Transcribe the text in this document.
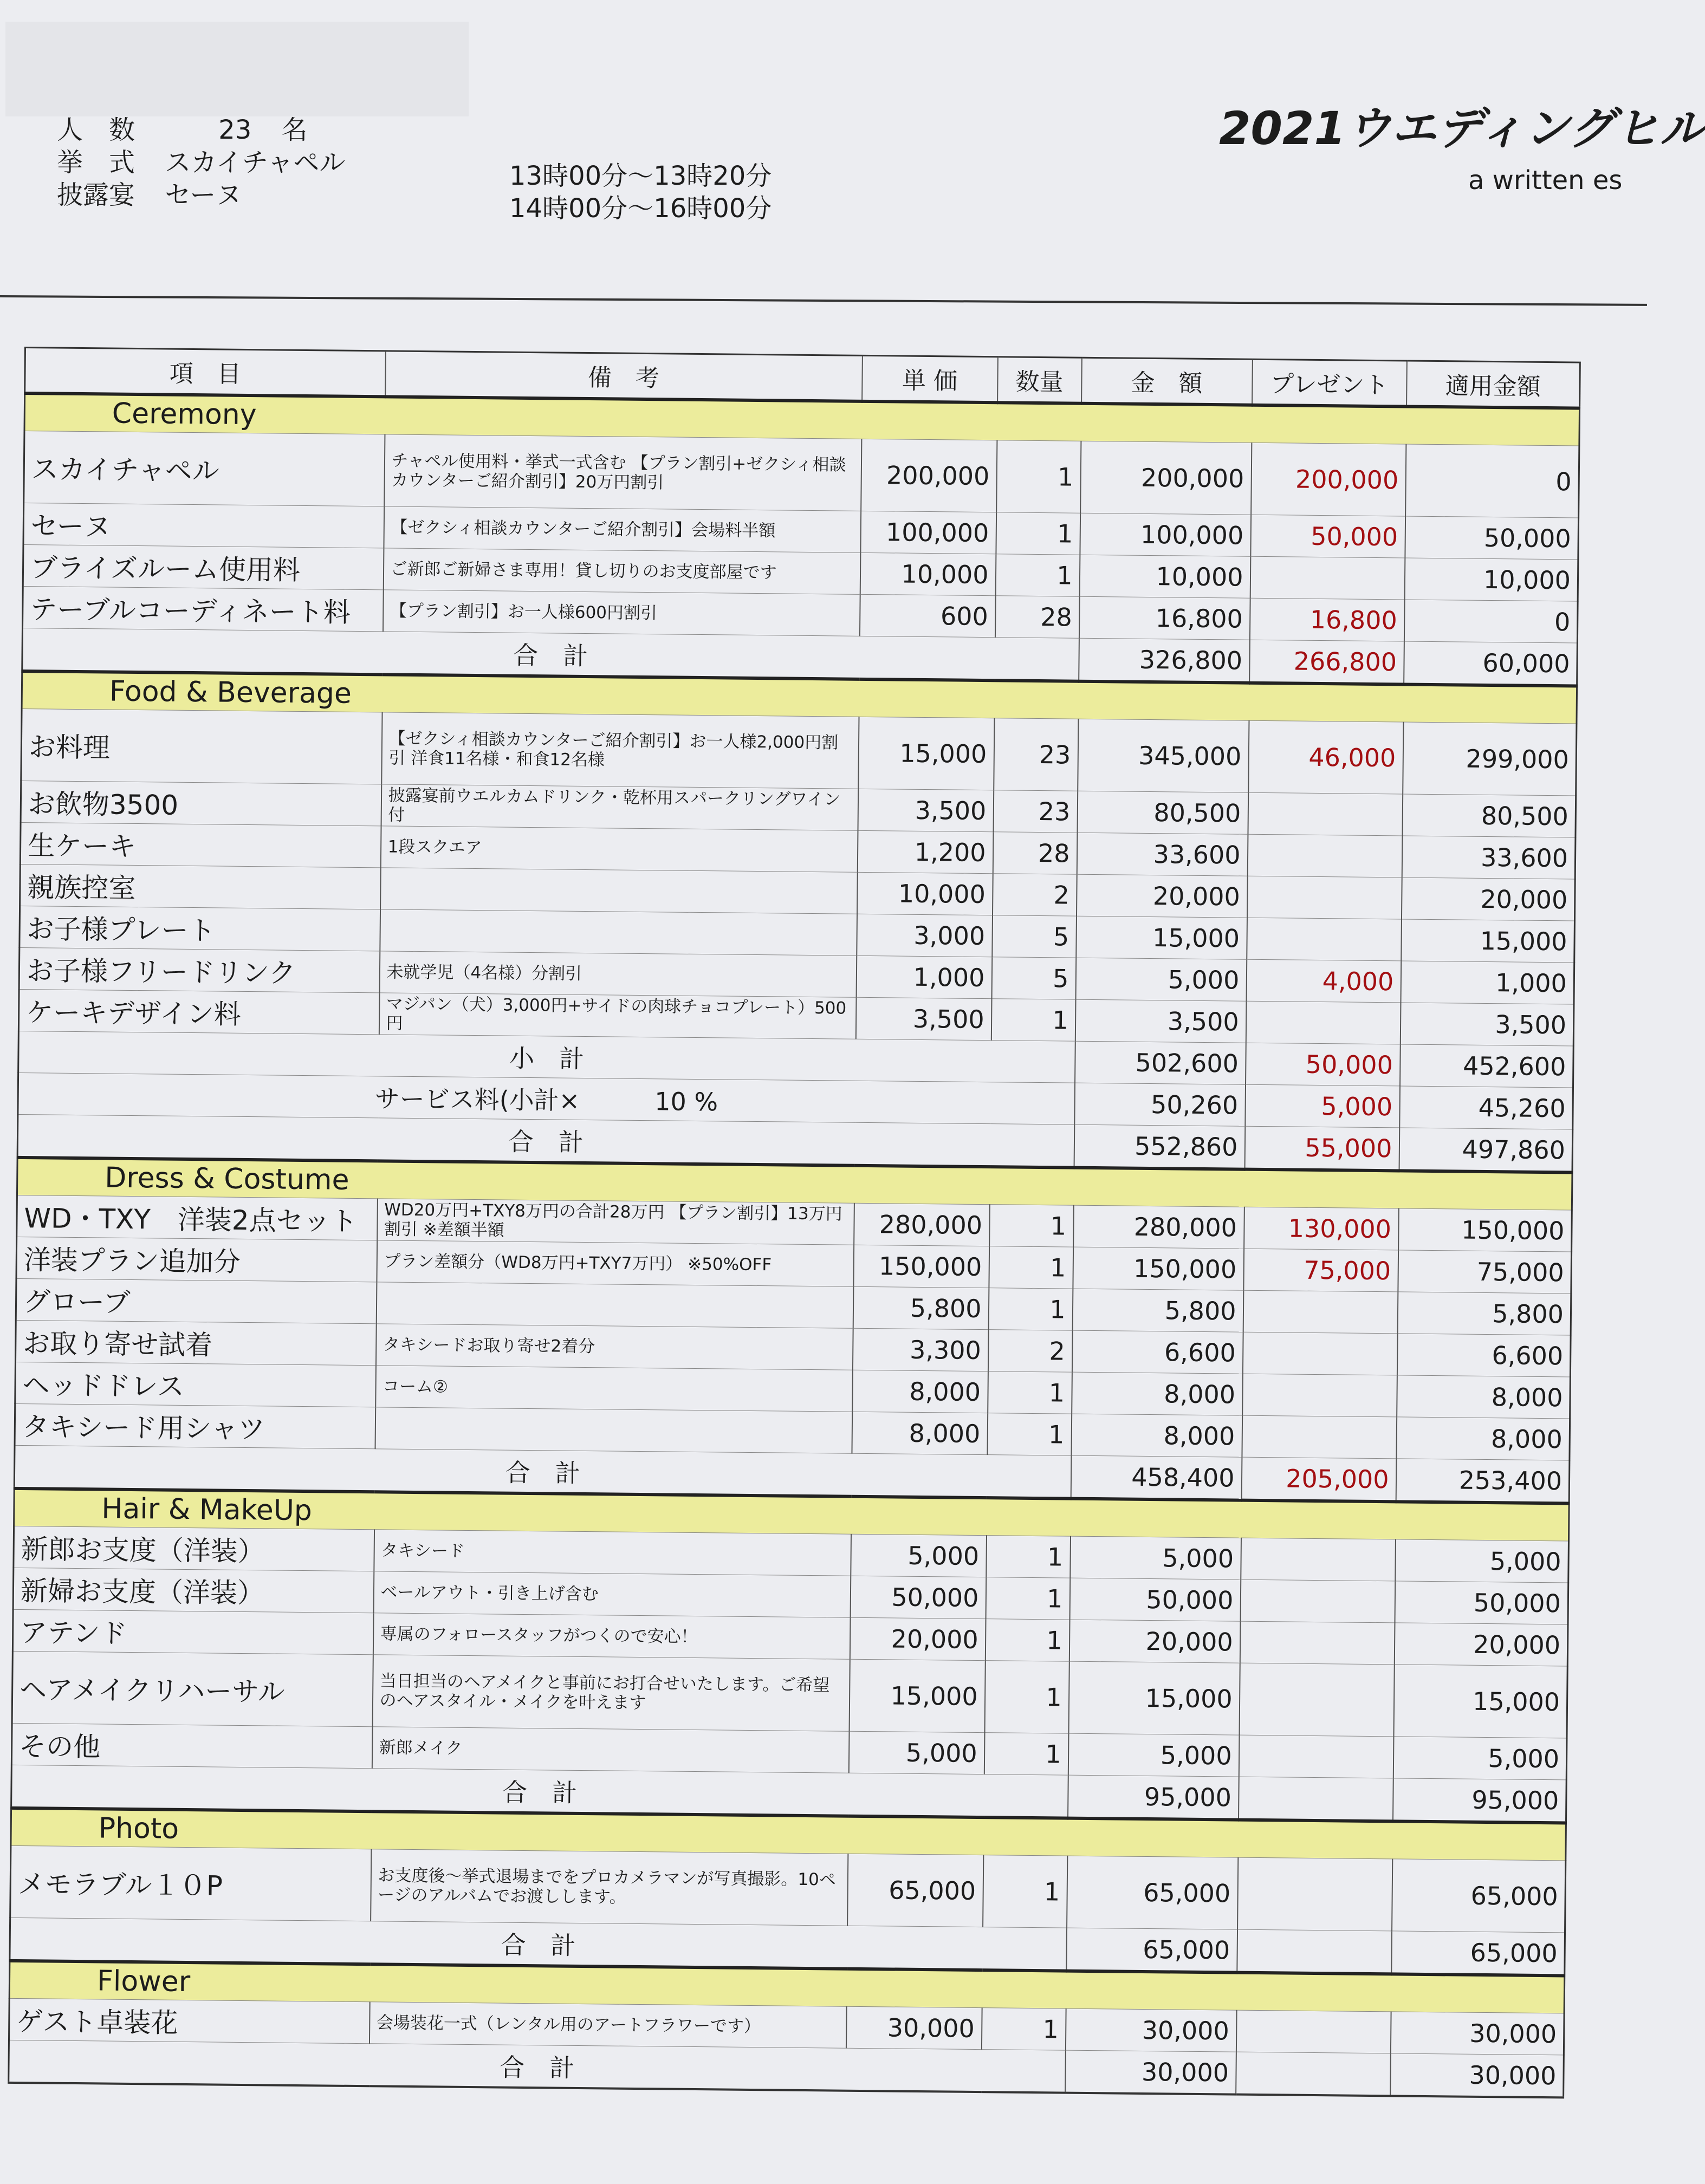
人　数	23 名
挙　式 スカイチャペル
披露宴 セーヌ
13時00分～13時20分
14時00分～16時00分
2021ウエディングヒル
a written es
項　目	備　考	単 価	数量	金　額	プレゼント	適用金額
Ceremony						
スカイチャペル	チャペル使用料・挙式一式含む 【プラン割引+ゼクシィ相談カウンターご紹介割引】20万円割引	200,000	1	200,000	200,000	0
セーヌ	【ゼクシィ相談カウンターご紹介割引】会場料半額	100,000	1	100,000	50,000	50,000
ブライズルーム使用料	ご新郎ご新婦さま専用！貸し切りのお支度部屋です	10,000	1	10,000		10,000
テーブルコーディネート料	【プラン割引】お一人様600円割引	600	28	16,800	16,800	0
合　計				326,800	266,800	60,000
Food & Beverage						
お料理	【ゼクシィ相談カウンターご紹介割引】お一人様2,000円割引 洋食11名様・和食12名様	15,000	23	345,000	46,000	299,000
お飲物3500	披露宴前ウエルカムドリンク・乾杯用スパークリングワイン付	3,500	23	80,500		80,500
生ケーキ	1段スクエア	1,200	28	33,600		33,600
親族控室		10,000	2	20,000		20,000
お子様プレート		3,000	5	15,000		15,000
お子様フリードリンク	未就学児（4名様）分割引	1,000	5	5,000	4,000	1,000
ケーキデザイン料	マジパン（犬）3,000円+サイドの肉球チョコプレート）500円	3,500	1	3,500		3,500
小　計				502,600	50,000	452,600
サービス料(小計×　　　10 %				50,260	5,000	45,260
合　計				552,860	55,000	497,860
Dress & Costume						
WD・TXY　洋装2点セット	WD20万円+TXY8万円の合計28万円 【プラン割引】13万円割引 ※差額半額	280,000	1	280,000	130,000	150,000
洋装プラン追加分	プラン差額分（WD8万円+TXY7万円） ※50%OFF	150,000	1	150,000	75,000	75,000
グローブ		5,800	1	5,800		5,800
お取り寄せ試着	タキシードお取り寄せ2着分	3,300	2	6,600		6,600
ヘッドドレス	コーム②	8,000	1	8,000		8,000
タキシード用シャツ		8,000	1	8,000		8,000
合　計				458,400	205,000	253,400
Hair & MakeUp						
新郎お支度（洋装）	タキシード	5,000	1	5,000		5,000
新婦お支度（洋装）	ベールアウト・引き上げ含む	50,000	1	50,000		50,000
アテンド	専属のフォロースタッフがつくので安心！	20,000	1	20,000		20,000
ヘアメイクリハーサル	当日担当のヘアメイクと事前にお打合せいたします。ご希望のヘアスタイル・メイクを叶えます	15,000	1	15,000		15,000
その他	新郎メイク	5,000	1	5,000		5,000
合　計				95,000		95,000
Photo						
メモラブル１０P	お支度後～挙式退場までをプロカメラマンが写真撮影。10ページのアルバムでお渡しします。	65,000	1	65,000		65,000
合　計				65,000		65,000
Flower						
ゲスト卓装花	会場装花一式（レンタル用のアートフラワーです）	30,000	1	30,000		30,000
合　計				30,000		30,000
